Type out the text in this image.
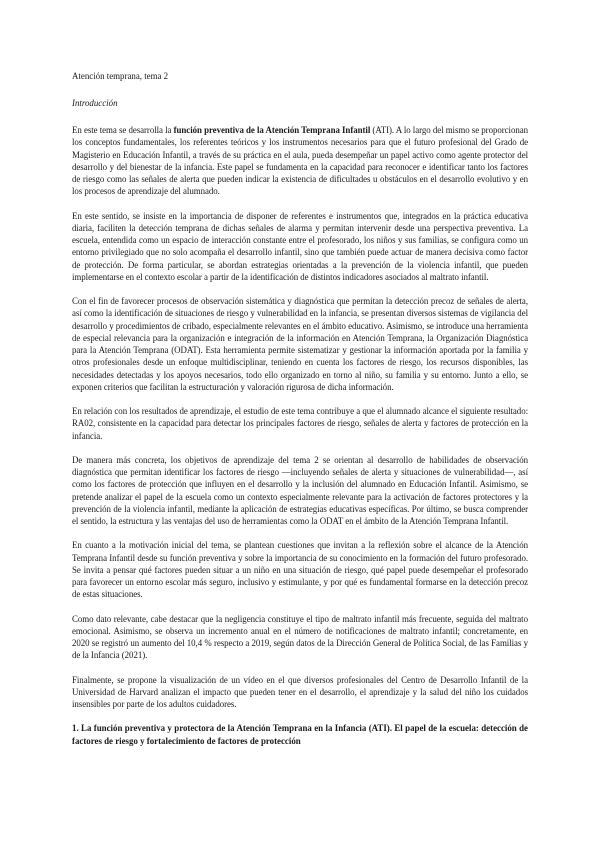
Atención temprana, tema 2

Introducción

En este tema se desarrolla la función preventiva de la Atención Temprana Infantil (ATI). A lo largo del mismo se proporcionan los conceptos fundamentales, los referentes teóricos y los instrumentos necesarios para que el futuro profesional del Grado de Magisterio en Educación Infantil, a través de su práctica en el aula, pueda desempeñar un papel activo como agente protector del desarrollo y del bienestar de la infancia. Este papel se fundamenta en la capacidad para reconocer e identificar tanto los factores de riesgo como las señales de alerta que pueden indicar la existencia de dificultades u obstáculos en el desarrollo evolutivo y en los procesos de aprendizaje del alumnado.

En este sentido, se insiste en la importancia de disponer de referentes e instrumentos que, integrados en la práctica educativa diaria, faciliten la detección temprana de dichas señales de alarma y permitan intervenir desde una perspectiva preventiva. La escuela, entendida como un espacio de interacción constante entre el profesorado, los niños y sus familias, se configura como un entorno privilegiado que no solo acompaña el desarrollo infantil, sino que también puede actuar de manera decisiva como factor de protección. De forma particular, se abordan estrategias orientadas a la prevención de la violencia infantil, que pueden implementarse en el contexto escolar a partir de la identificación de distintos indicadores asociados al maltrato infantil.

Con el fin de favorecer procesos de observación sistemática y diagnóstica que permitan la detección precoz de señales de alerta, así como la identificación de situaciones de riesgo y vulnerabilidad en la infancia, se presentan diversos sistemas de vigilancia del desarrollo y procedimientos de cribado, especialmente relevantes en el ámbito educativo. Asimismo, se introduce una herramienta de especial relevancia para la organización e integración de la información en Atención Temprana, la Organización Diagnóstica para la Atención Temprana (ODAT). Esta herramienta permite sistematizar y gestionar la información aportada por la familia y otros profesionales desde un enfoque multidisciplinar, teniendo en cuenta los factores de riesgo, los recursos disponibles, las necesidades detectadas y los apoyos necesarios, todo ello organizado en torno al niño, su familia y su entorno. Junto a ello, se exponen criterios que facilitan la estructuración y valoración rigurosa de dicha información.

En relación con los resultados de aprendizaje, el estudio de este tema contribuye a que el alumnado alcance el siguiente resultado: RA02, consistente en la capacidad para detectar los principales factores de riesgo, señales de alerta y factores de protección en la infancia.

De manera más concreta, los objetivos de aprendizaje del tema 2 se orientan al desarrollo de habilidades de observación diagnóstica que permitan identificar los factores de riesgo —incluyendo señales de alerta y situaciones de vulnerabilidad—, así como los factores de protección que influyen en el desarrollo y la inclusión del alumnado en Educación Infantil. Asimismo, se pretende analizar el papel de la escuela como un contexto especialmente relevante para la activación de factores protectores y la prevención de la violencia infantil, mediante la aplicación de estrategias educativas específicas. Por último, se busca comprender el sentido, la estructura y las ventajas del uso de herramientas como la ODAT en el ámbito de la Atención Temprana Infantil.

En cuanto a la motivación inicial del tema, se plantean cuestiones que invitan a la reflexión sobre el alcance de la Atención Temprana Infantil desde su función preventiva y sobre la importancia de su conocimiento en la formación del futuro profesorado. Se invita a pensar qué factores pueden situar a un niño en una situación de riesgo, qué papel puede desempeñar el profesorado para favorecer un entorno escolar más seguro, inclusivo y estimulante, y por qué es fundamental formarse en la detección precoz de estas situaciones.

Como dato relevante, cabe destacar que la negligencia constituye el tipo de maltrato infantil más frecuente, seguida del maltrato emocional. Asimismo, se observa un incremento anual en el número de notificaciones de maltrato infantil; concretamente, en 2020 se registró un aumento del 10,4 % respecto a 2019, según datos de la Dirección General de Política Social, de las Familias y de la Infancia (2021).

Finalmente, se propone la visualización de un vídeo en el que diversos profesionales del Centro de Desarrollo Infantil de la Universidad de Harvard analizan el impacto que pueden tener en el desarrollo, el aprendizaje y la salud del niño los cuidados insensibles por parte de los adultos cuidadores.

1. La función preventiva y protectora de la Atención Temprana en la Infancia (ATI). El papel de la escuela: detección de factores de riesgo y fortalecimiento de factores de protección
